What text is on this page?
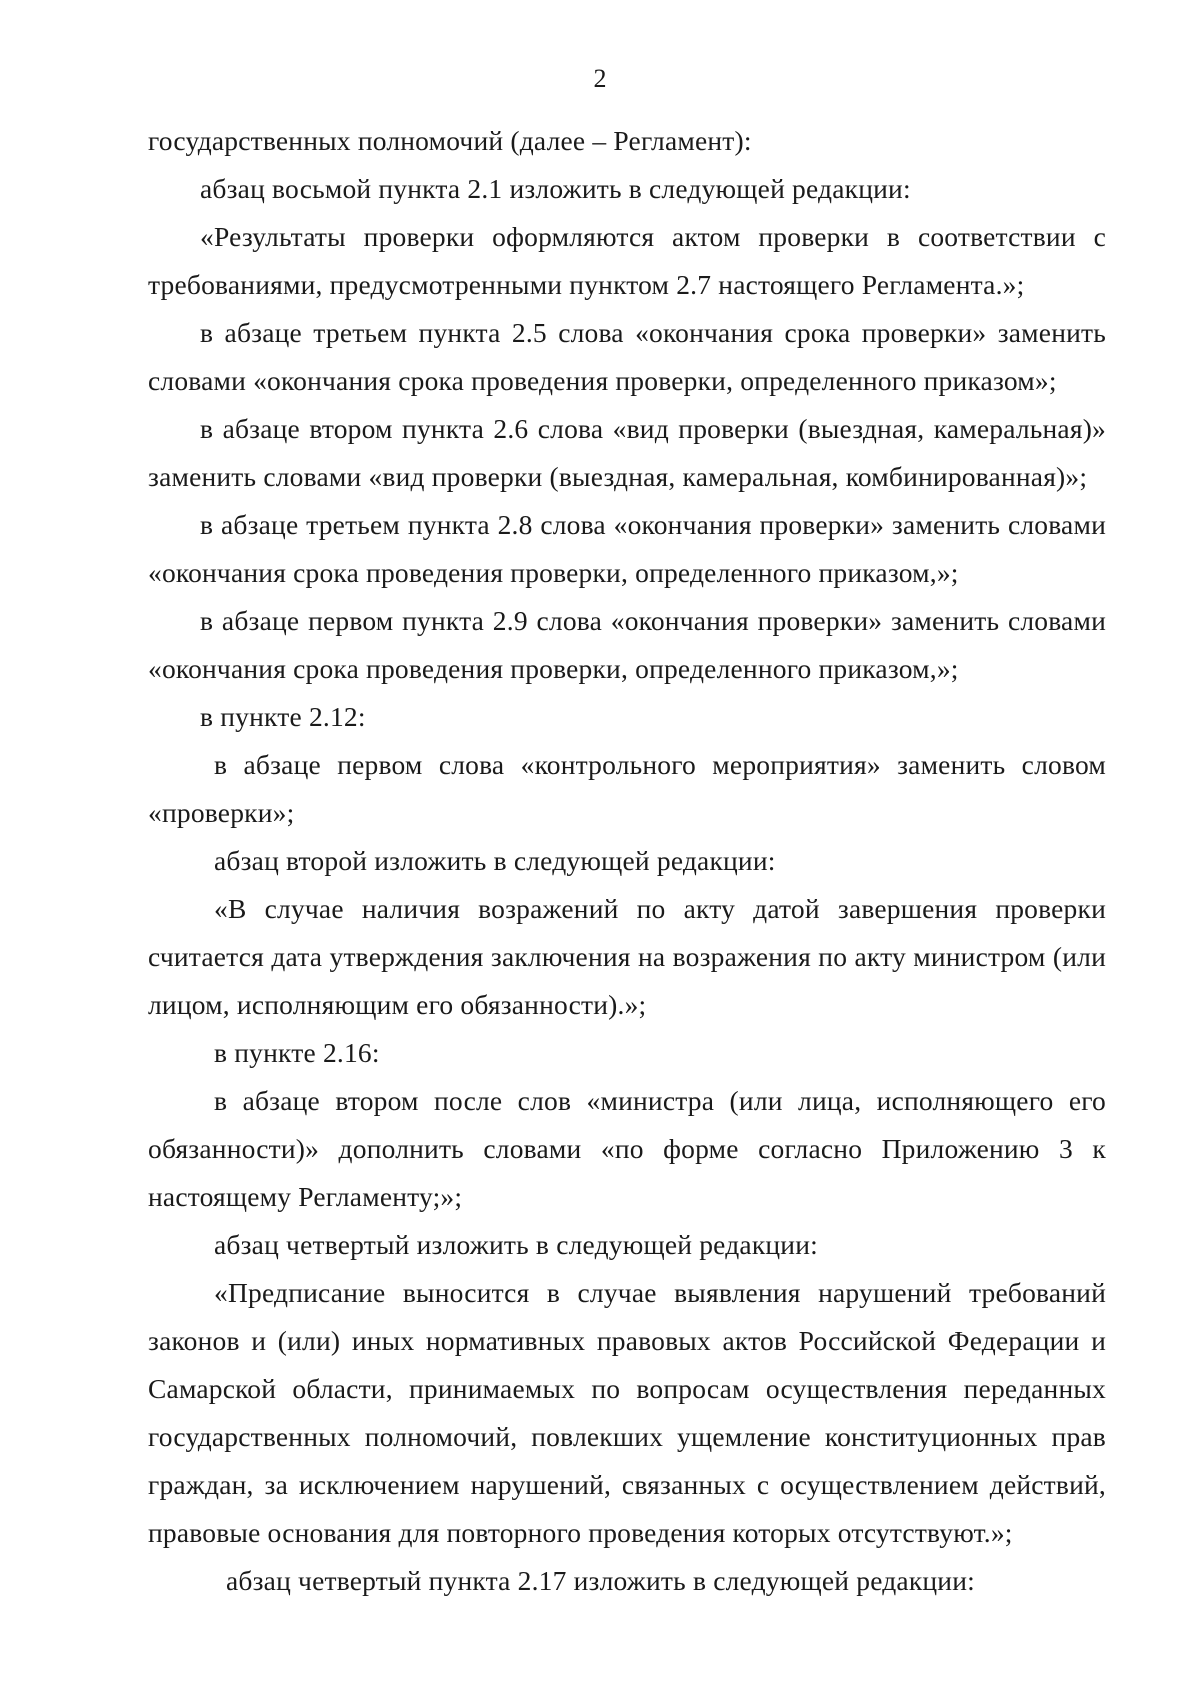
2

государственных полномочий (далее – Регламент):

абзац восьмой пункта 2.1 изложить в следующей редакции:

«Результаты проверки оформляются актом проверки в соответствии с требованиями, предусмотренными пунктом 2.7 настоящего Регламента.»;

в абзаце третьем пункта 2.5 слова «окончания срока проверки» заменить словами «окончания срока проведения проверки, определенного приказом»;

в абзаце втором пункта 2.6 слова «вид проверки (выездная, камеральная)» заменить словами «вид проверки (выездная, камеральная, комбинированная)»;

в абзаце третьем пункта 2.8 слова «окончания проверки» заменить словами «окончания срока проведения проверки, определенного приказом,»;

в абзаце первом пункта 2.9 слова «окончания проверки» заменить словами «окончания срока проведения проверки, определенного приказом,»;

в пункте 2.12:

в абзаце первом слова «контрольного мероприятия» заменить словом «проверки»;

абзац второй изложить в следующей редакции:

«В случае наличия возражений по акту датой завершения проверки считается дата утверждения заключения на возражения по акту министром (или лицом, исполняющим его обязанности).»;

в пункте 2.16:

в абзаце втором после слов «министра (или лица, исполняющего его обязанности)» дополнить словами «по форме согласно Приложению 3 к настоящему Регламенту;»;

абзац четвертый изложить в следующей редакции:

«Предписание выносится в случае выявления нарушений требований законов и (или) иных нормативных правовых актов Российской Федерации и Самарской области, принимаемых по вопросам осуществления переданных государственных полномочий, повлекших ущемление конституционных прав граждан, за исключением нарушений, связанных с осуществлением действий, правовые основания для повторного проведения которых отсутствуют.»;

абзац четвертый пункта 2.17 изложить в следующей редакции:
